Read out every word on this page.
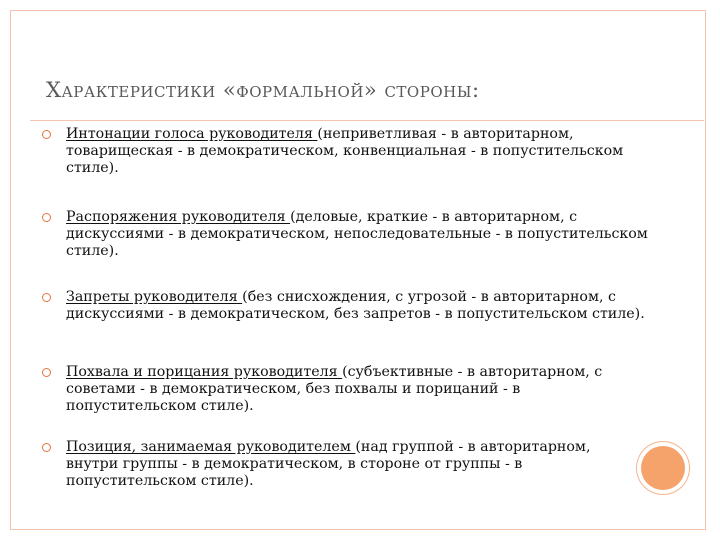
Характеристики «формальной» стороны:
Интонации голоса руководителя (неприветливая - в авторитарном, товарищеская - в демократическом, конвенциальная - в попустительском стиле).
Распоряжения руководителя (деловые, краткие - в авторитарном, с дискуссиями - в демократическом, непоследовательные - в попустительском стиле).
Запреты руководителя (без снисхождения, с угрозой - в авторитарном, с дискуссиями - в демократическом, без запретов - в попустительском стиле).
Похвала и порицания руководителя (субъективные - в авторитарном, с советами - в демократическом, без похвалы и порицаний - в попустительском стиле).
Позиция, занимаемая руководителем (над группой - в авторитарном, внутри группы - в демократическом, в стороне от группы - в попустительском стиле).
